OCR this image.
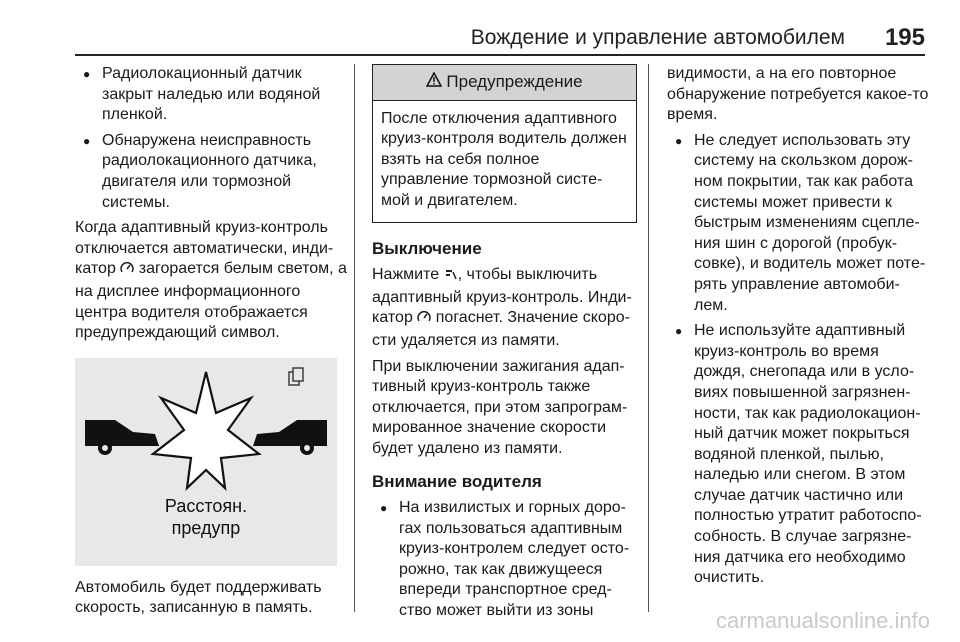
Вождение и управление автомобилем 195
● Радиолокационный датчик закрыт наледью или водяной пленкой.
● Обнаружена неисправность радиолокационного датчика, двигателя или тормозной системы.

Когда адаптивный круиз-контроль отключается автоматически, инди-катор загорается белым светом, а на дисплее информационного центра водителя отображается предупреждающий символ.

Расстоян.
предупр

Автомобиль будет поддерживать скорость, записанную в память.

Предупреждение
После отключения адаптивного круиз-контроля водитель должен взять на себя полное управление тормозной систе-мой и двигателем.
Выключение

Нажмите , чтобы выключить адаптивный круиз-контроль. Инди-катор погаснет. Значение скоро-сти удаляется из памяти.

При выключении зажигания адап-тивный круиз-контроль также отключается, при этом запрограм-мированное значение скорости будет удалено из памяти.

Внимание водителя
● На извилистых и горных доро-гах пользоваться адаптивным круиз-контролем следует осто-рожно, так как движущееся впереди транспортное сред-ство может выйти из зоны

видимости, а на его повторное обнаружение потребуется какое-то время.

● Не следует использовать эту систему на скользком дорож-ном покрытии, так как работа системы может привести к быстрым изменениям сцепле-ния шин с дорогой (пробук-совке), и водитель может поте-рять управление автомоби-лем.
● Не используйте адаптивный круиз-контроль во время дождя, снегопада или в усло-виях повышенной загрязнен-ности, так как радиолокацион-ный датчик может покрыться водяной пленкой, пылью, наледью или снегом. В этом случае датчик частично или полностью утратит работоспо-собность. В случае загрязне-ния датчика его необходимо очистить.
carmanualsonline.info
